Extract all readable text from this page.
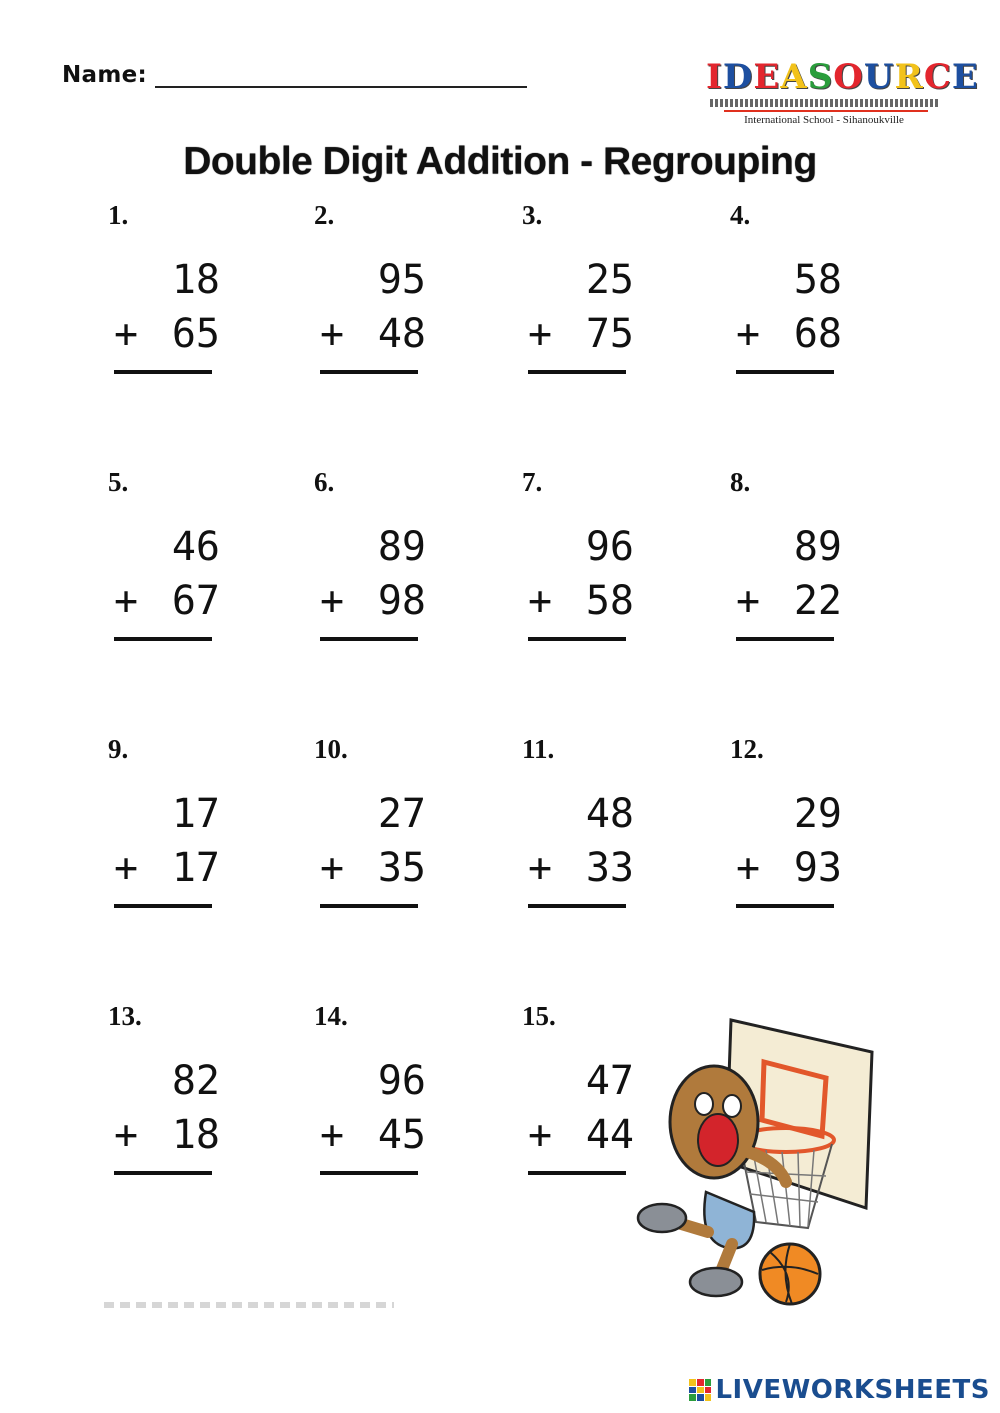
Name:	I D E A S O U R C E
International School - Sihanoukville
Double Digit Addition - Regrouping
1.
18
+ 65
2.
95
+ 48
3.
25
+ 75
4.
58
+ 68
5.
46
+ 67
6.
89
+ 98
7.
96
+ 58
8.
89
+ 22
9.
17
+ 17
10.
27
+ 35
11.
48
+ 33
12.
29
+ 93
13.
82
+ 18
14.
96
+ 45
15.
47
+ 44
LIVEWORKSHEETS
